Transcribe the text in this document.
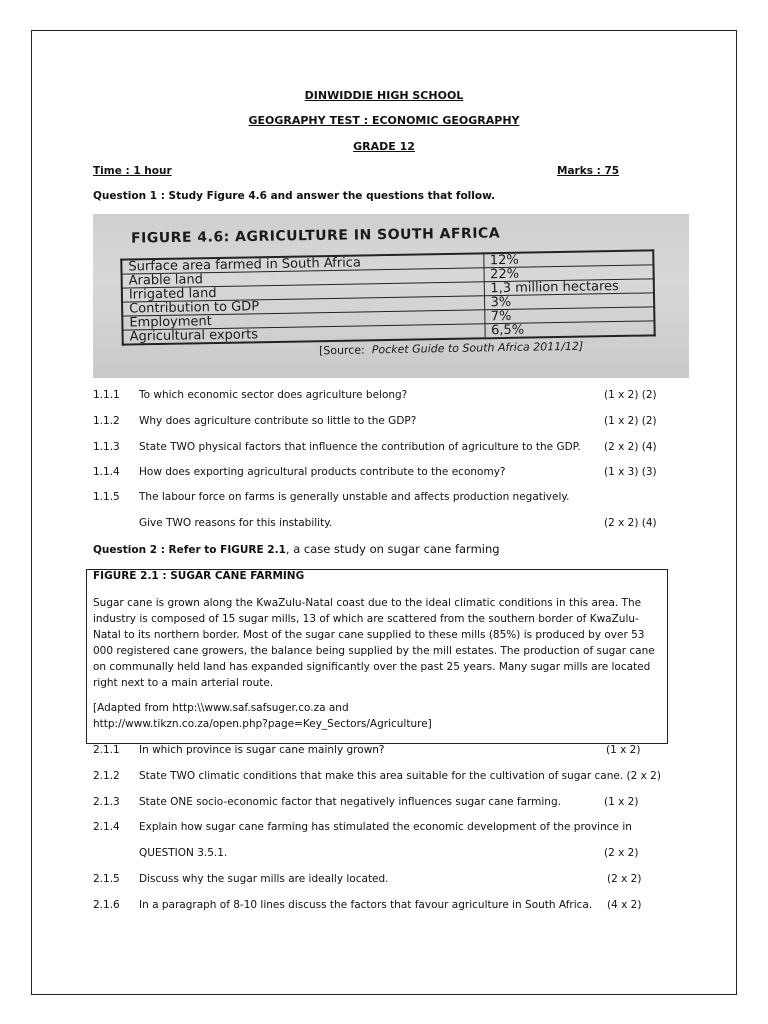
DINWIDDIE HIGH SCHOOL
GEOGRAPHY TEST : ECONOMIC GEOGRAPHY
GRADE 12
Time : 1 hour	Marks : 75
Question 1 : Study Figure 4.6 and answer the questions that follow.
FIGURE 4.6: AGRICULTURE IN SOUTH AFRICA
Surface area farmed in South Africa	12%
Arable land	22%
Irrigated land	1,3 million hectares
Contribution to GDP	3%
Employment	7%
Agricultural exports	6,5%
[Source: Pocket Guide to South Africa 2011/12]
1.1.1 To which economic sector does agriculture belong?	(1 x 2) (2)
1.1.2 Why does agriculture contribute so little to the GDP?	(1 x 2) (2)
1.1.3 State TWO physical factors that influence the contribution of agriculture to the GDP. (2 x 2) (4)
1.1.4 How does exporting agricultural products contribute to the economy?	(1 x 3) (3)
1.1.5 The labour force on farms is generally unstable and affects production negatively.
Give TWO reasons for this instability.	(2 x 2) (4)
Question 2 : Refer to FIGURE 2.1, a case study on sugar cane farming
FIGURE 2.1 : SUGAR CANE FARMING
Sugar cane is grown along the KwaZulu-Natal coast due to the ideal climatic conditions in this area. The industry is composed of 15 sugar mills, 13 of which are scattered from the southern border of KwaZulu-Natal to its northern border. Most of the sugar cane supplied to these mills (85%) is produced by over 53 000 registered cane growers, the balance being supplied by the mill estates. The production of sugar cane on communally held land has expanded significantly over the past 25 years. Many sugar mills are located right next to a main arterial route.
[Adapted from http:\\www.saf.safsuger.co.za and http://www.tikzn.co.za/open.php?page=Key_Sectors/Agriculture]
2.1.1 In which province is sugar cane mainly grown?	(1 x 2)
2.1.2 State TWO climatic conditions that make this area suitable for the cultivation of sugar cane. (2 x 2)
2.1.3 State ONE socio-economic factor that negatively influences sugar cane farming.	(1 x 2)
2.1.4 Explain how sugar cane farming has stimulated the economic development of the province in
QUESTION 3.5.1.	(2 x 2)
2.1.5 Discuss why the sugar mills are ideally located.	(2 x 2)
2.1.6 In a paragraph of 8-10 lines discuss the factors that favour agriculture in South Africa. (4 x 2)
